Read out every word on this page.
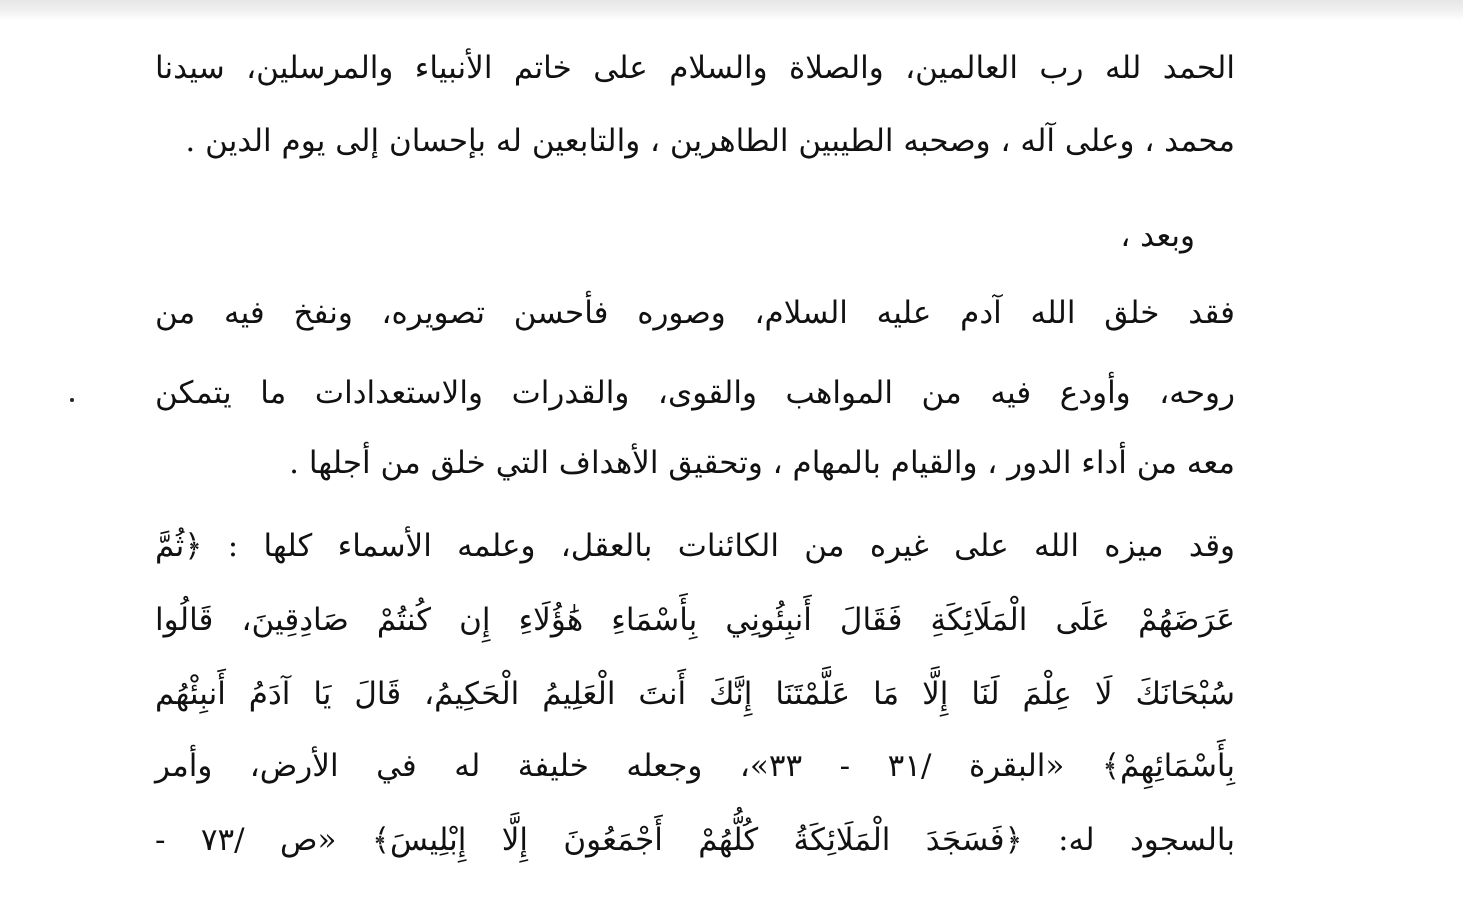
الحمد لله رب العالمين، والصلاة والسلام على خاتم الأنبياء والمرسلين، سيدنا
محمد ، وعلى آله ، وصحبه الطيبين الطاهرين ، والتابعين له بإحسان إلى يوم الدين .
وبعد ،
فقد خلق الله آدم عليه السلام، وصوره فأحسن تصويره، ونفخ فيه من
روحه، وأودع فيه من المواهب والقوى، والقدرات والاستعدادات ما يتمكن
معه من أداء الدور ، والقيام بالمهام ، وتحقيق الأهداف التي خلق من أجلها .
وقد ميزه الله على غيره من الكائنات بالعقل، وعلمه الأسماء كلها : ﴿ثُمَّ
عَرَضَهُمْ عَلَى الْمَلَائِكَةِ فَقَالَ أَنبِئُونِي بِأَسْمَاءِ هَٰؤُلَاءِ إِن كُنتُمْ صَادِقِينَ، قَالُوا
سُبْحَانَكَ لَا عِلْمَ لَنَا إِلَّا مَا عَلَّمْتَنَا إِنَّكَ أَنتَ الْعَلِيمُ الْحَكِيمُ، قَالَ يَا آدَمُ أَنبِئْهُم
بِأَسْمَائِهِمْ﴾ «البقرة /٣١ - ٣٣»، وجعله خليفة له في الأرض، وأمر
بالسجود له: ﴿فَسَجَدَ الْمَلَائِكَةُ كُلُّهُمْ أَجْمَعُونَ إِلَّا إِبْلِيسَ﴾ «ص /٧٣ -
